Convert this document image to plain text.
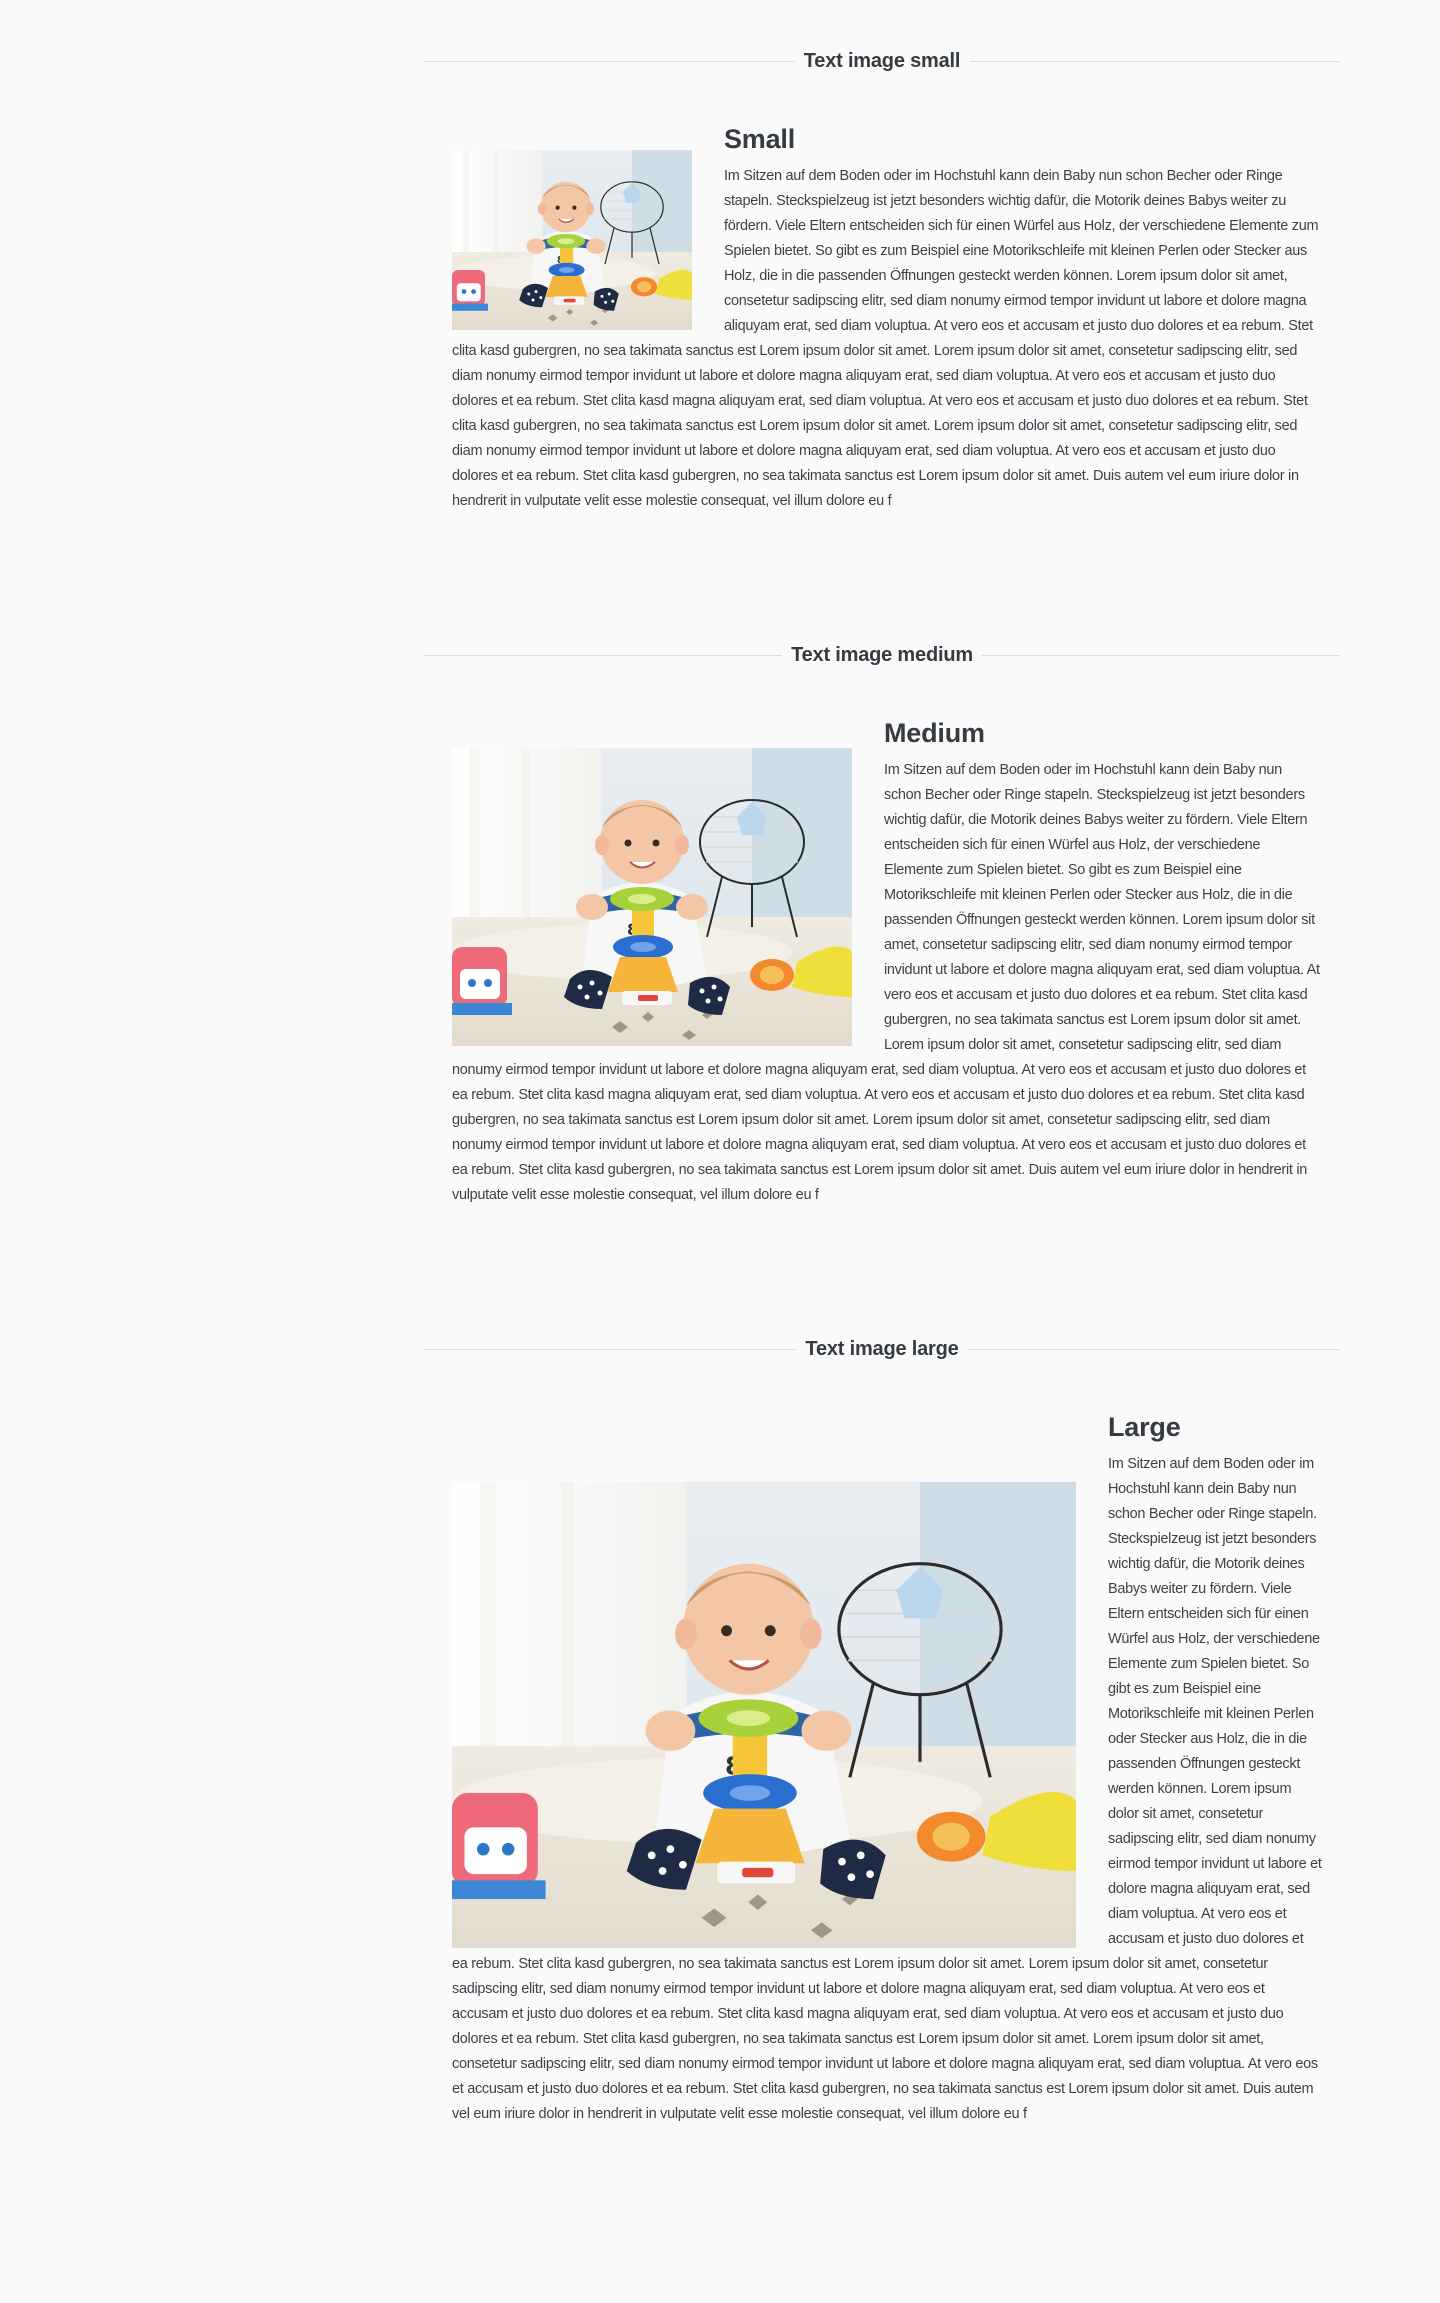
Text image small
Small

Im Sitzen auf dem Boden oder im Hochstuhl kann dein Baby nun schon Becher oder Ringe stapeln. Steckspielzeug ist jetzt besonders wichtig dafür, die Motorik deines Babys weiter zu fördern. Viele Eltern entscheiden sich für einen Würfel aus Holz, der verschiedene Elemente zum Spielen bietet. So gibt es zum Beispiel eine Motorikschleife mit kleinen Perlen oder Stecker aus Holz, die in die passenden Öffnungen gesteckt werden können. Lorem ipsum dolor sit amet, consetetur sadipscing elitr, sed diam nonumy eirmod tempor invidunt ut labore et dolore magna aliquyam erat, sed diam voluptua. At vero eos et accusam et justo duo dolores et ea rebum. Stet clita kasd gubergren, no sea takimata sanctus est Lorem ipsum dolor sit amet. Lorem ipsum dolor sit amet, consetetur sadipscing elitr, sed diam nonumy eirmod tempor invidunt ut labore et dolore magna aliquyam erat, sed diam voluptua. At vero eos et accusam et justo duo dolores et ea rebum. Stet clita kasd magna aliquyam erat, sed diam voluptua. At vero eos et accusam et justo duo dolores et ea rebum. Stet clita kasd gubergren, no sea takimata sanctus est Lorem ipsum dolor sit amet. Lorem ipsum dolor sit amet, consetetur sadipscing elitr, sed diam nonumy eirmod tempor invidunt ut labore et dolore magna aliquyam erat, sed diam voluptua. At vero eos et accusam et justo duo dolores et ea rebum. Stet clita kasd gubergren, no sea takimata sanctus est Lorem ipsum dolor sit amet. Duis autem vel eum iriure dolor in hendrerit in vulputate velit esse molestie consequat, vel illum dolore eu f

Text image medium
Medium

Im Sitzen auf dem Boden oder im Hochstuhl kann dein Baby nun schon Becher oder Ringe stapeln. Steckspielzeug ist jetzt besonders wichtig dafür, die Motorik deines Babys weiter zu fördern. Viele Eltern entscheiden sich für einen Würfel aus Holz, der verschiedene Elemente zum Spielen bietet. So gibt es zum Beispiel eine Motorikschleife mit kleinen Perlen oder Stecker aus Holz, die in die passenden Öffnungen gesteckt werden können. Lorem ipsum dolor sit amet, consetetur sadipscing elitr, sed diam nonumy eirmod tempor invidunt ut labore et dolore magna aliquyam erat, sed diam voluptua. At vero eos et accusam et justo duo dolores et ea rebum. Stet clita kasd gubergren, no sea takimata sanctus est Lorem ipsum dolor sit amet. Lorem ipsum dolor sit amet, consetetur sadipscing elitr, sed diam nonumy eirmod tempor invidunt ut labore et dolore magna aliquyam erat, sed diam voluptua. At vero eos et accusam et justo duo dolores et ea rebum. Stet clita kasd magna aliquyam erat, sed diam voluptua. At vero eos et accusam et justo duo dolores et ea rebum. Stet clita kasd gubergren, no sea takimata sanctus est Lorem ipsum dolor sit amet. Lorem ipsum dolor sit amet, consetetur sadipscing elitr, sed diam nonumy eirmod tempor invidunt ut labore et dolore magna aliquyam erat, sed diam voluptua. At vero eos et accusam et justo duo dolores et ea rebum. Stet clita kasd gubergren, no sea takimata sanctus est Lorem ipsum dolor sit amet. Duis autem vel eum iriure dolor in hendrerit in vulputate velit esse molestie consequat, vel illum dolore eu f

Text image large
Large

Im Sitzen auf dem Boden oder im Hochstuhl kann dein Baby nun schon Becher oder Ringe stapeln. Steckspielzeug ist jetzt besonders wichtig dafür, die Motorik deines Babys weiter zu fördern. Viele Eltern entscheiden sich für einen Würfel aus Holz, der verschiedene Elemente zum Spielen bietet. So gibt es zum Beispiel eine Motorikschleife mit kleinen Perlen oder Stecker aus Holz, die in die passenden Öffnungen gesteckt werden können. Lorem ipsum dolor sit amet, consetetur sadipscing elitr, sed diam nonumy eirmod tempor invidunt ut labore et dolore magna aliquyam erat, sed diam voluptua. At vero eos et accusam et justo duo dolores et ea rebum. Stet clita kasd gubergren, no sea takimata sanctus est Lorem ipsum dolor sit amet. Lorem ipsum dolor sit amet, consetetur sadipscing elitr, sed diam nonumy eirmod tempor invidunt ut labore et dolore magna aliquyam erat, sed diam voluptua. At vero eos et accusam et justo duo dolores et ea rebum. Stet clita kasd magna aliquyam erat, sed diam voluptua. At vero eos et accusam et justo duo dolores et ea rebum. Stet clita kasd gubergren, no sea takimata sanctus est Lorem ipsum dolor sit amet. Lorem ipsum dolor sit amet, consetetur sadipscing elitr, sed diam nonumy eirmod tempor invidunt ut labore et dolore magna aliquyam erat, sed diam voluptua. At vero eos et accusam et justo duo dolores et ea rebum. Stet clita kasd gubergren, no sea takimata sanctus est Lorem ipsum dolor sit amet. Duis autem vel eum iriure dolor in hendrerit in vulputate velit esse molestie consequat, vel illum dolore eu f
